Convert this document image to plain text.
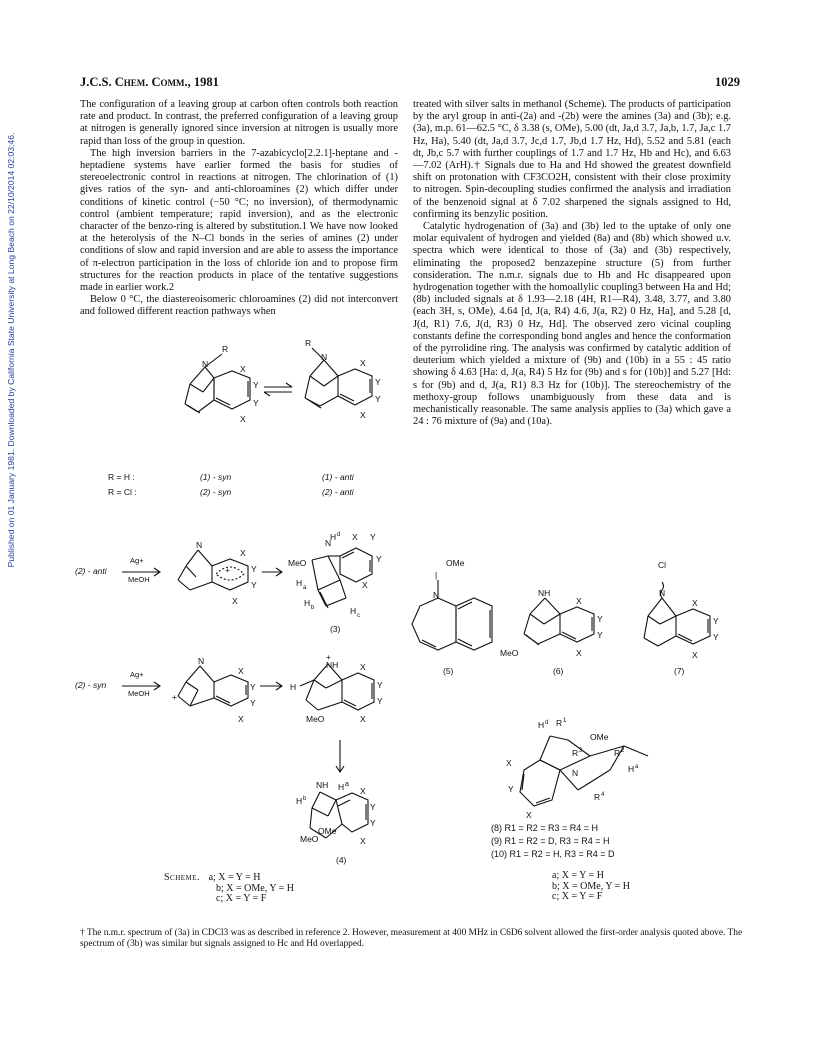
Published on 01 January 1981. Downloaded by California State University at Long Beach on 22/10/2014 02:03:46.
J.C.S. Chem. Comm., 1981	1029

The configuration of a leaving group at carbon often controls both reaction rate and product. In contrast, the preferred configuration of a leaving group at nitrogen is generally ignored since inversion at nitrogen is usually more rapid than loss of the group in question.

The high inversion barriers in the 7-azabicyclo[2.2.1]-heptane and -heptadiene systems have earlier formed the basis for studies of stereoelectronic control in reactions at nitrogen. The chlorination of (1) gives ratios of the syn- and anti-chloroamines (2) which differ under conditions of kinetic control (−50 °C; no inversion), of thermodynamic control (ambient temperature; rapid inversion), and as the electronic character of the benzo-ring is altered by substitution.1 We have now looked at the heterolysis of the N–Cl bonds in the series of amines (2) under conditions of slow and rapid inversion and are able to assess the importance of π-electron participation in the loss of chloride ion and to propose firm structures for the reaction products in place of the tentative suggestions made in earlier work.2

Below 0 °C, the diastereoisomeric chloroamines (2) did not interconvert and followed different reaction pathways when

treated with silver salts in methanol (Scheme). The products of participation by the aryl group in anti-(2a) and -(2b) were the amines (3a) and (3b); e.g. (3a), m.p. 61—62.5 °C, δ 3.38 (s, OMe), 5.00 (dt, Ja,d 3.7, Ja,b, 1.7, Ja,c 1.7 Hz, Ha), 5.40 (dt, Ja,d 3.7, Jc,d 1.7, Jb,d 1.7 Hz, Hd), 5.52 and 5.81 (each dt, Jb,c 5.7 with further couplings of 1.7 and 1.7 Hz, Hb and Hc), and 6.63—7.02 (ArH).† Signals due to Ha and Hd showed the greatest downfield shift on protonation with CF3CO2H, consistent with their close proximity to nitrogen. Spin-decoupling studies confirmed the analysis and irradiation of the benzenoid signal at δ 7.02 sharpened the signals assigned to Hd, confirming its benzylic position.

Catalytic hydrogenation of (3a) and (3b) led to the uptake of only one molar equivalent of hydrogen and yielded (8a) and (8b) which showed u.v. spectra which were identical to those of (3a) and (3b) respectively, eliminating the proposed2 benzazepine structure (5) from further consideration. The n.m.r. signals due to Hb and Hc disappeared upon hydrogenation together with the homoallylic coupling3 between Ha and Hd; (8b) included signals at δ 1.93—2.18 (4H, R1—R4), 3.48, 3.77, and 3.80 (each 3H, s, OMe), 4.64 [d, J(a, R4) 4.6, J(a, R2) 0 Hz, Ha], and 5.28 [d, J(d, R1) 7.6, J(d, R3) 0 Hz, Hd]. The observed zero vicinal coupling constants define the corresponding bond angles and hence the conformation of the pyrrolidine ring. The analysis was confirmed by catalytic addition of deuterium which yielded a mixture of (9b) and (10b) in a 55 : 45 ratio showing δ 4.63 [Ha: d, J(a, R4) 5 Hz for (9b) and s for (10b)] and 5.27 [Hd: s for (9b) and d, J(a, R1) 8.3 Hz for (10b)]. The stereochemistry of the methoxy-group follows unambiguously from these data and is mechanistically reasonable. The same analysis applies to (3a) which gave a 24 : 76 mixture of (9a) and (10a).

N
R
X
Y
Y
X
N
R
X
Y
Y
X
N
+
X
Y
Y
X
MeO
N
H d X Y
Y
X
H a
H b	H c
(3)
N
X
Y
Y
X
+
+
NH
H
X
Y
Y
X
MeO
NH
H b
H a
X
Y
Y
X
MeO
OMe
OMe
|
N	NH
X
Y
Y
X
MeO
Cl
N
X
Y
Y
X
H d R 1
OMe
R 2
R 3
H a
N
R 4
X
Y
X
R = H :
R = Cl :
(1) - syn
(2) - syn
(1) - anti
(2) - anti
(2) - anti
Ag+
MeOH
(2) - syn
Ag+
MeOH
(4)
(5)	(6)	(7)
Scheme. a; X = Y = H
b; X = OMe, Y = H
c; X = Y = F
(8) R1 = R2 = R3 = R4 = H
(9) R1 = R2 = D, R3 = R4 = H
(10) R1 = R2 = H, R3 = R4 = D
a; X = Y = H
b; X = OMe, Y = H
c; X = Y = F
† The n.m.r. spectrum of (3a) in CDCl3 was as described in reference 2. However, measurement at 400 MHz in C6D6 solvent allowed the first-order analysis quoted above. The spectrum of (3b) was similar but signals assigned to Hc and Hd overlapped.
